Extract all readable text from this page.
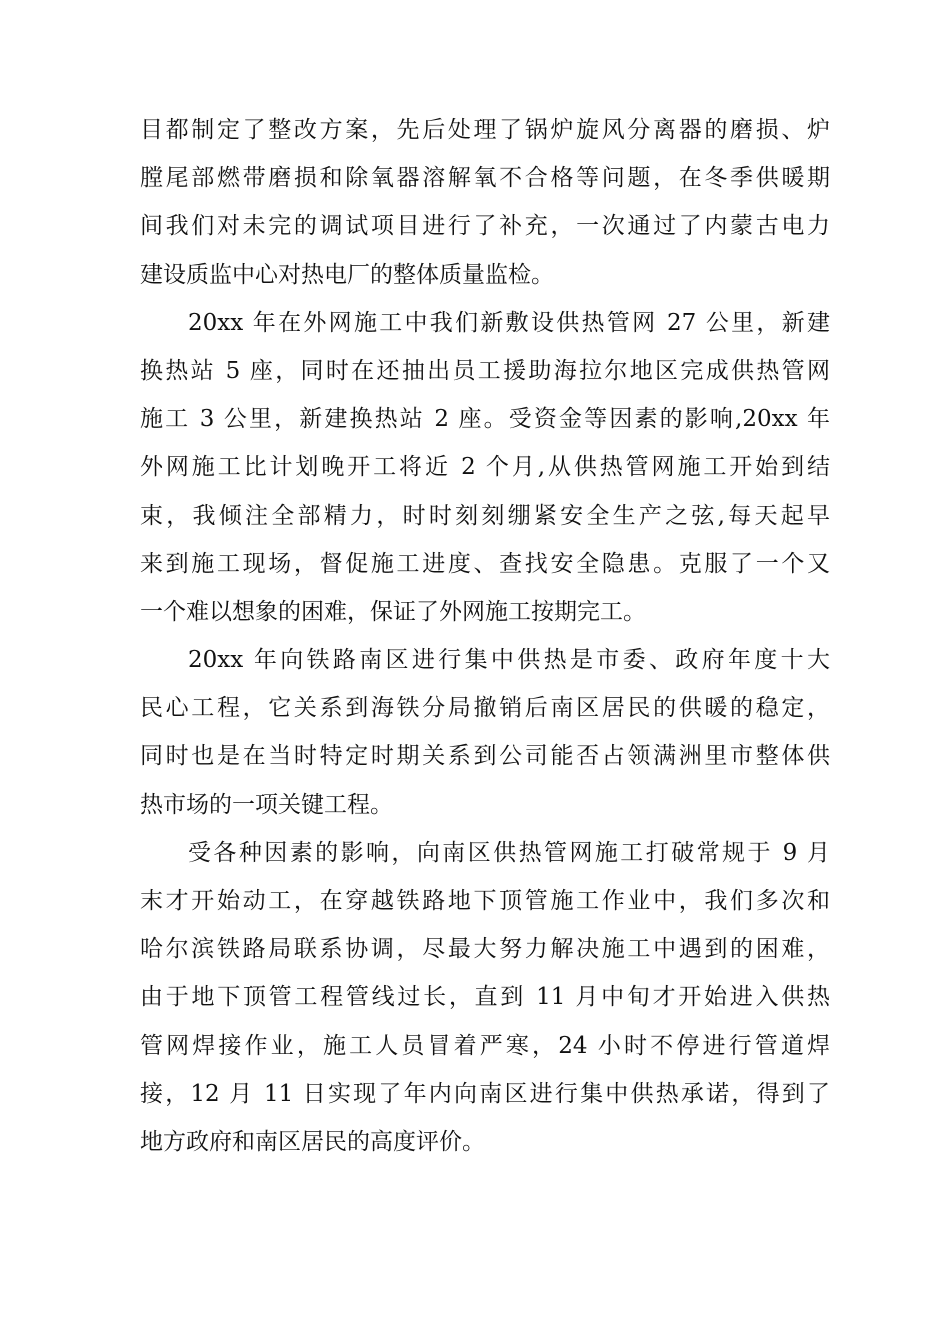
目都制定了整改方案，先后处理了锅炉旋风分离器的磨损、炉
膛尾部燃带磨损和除氧器溶解氧不合格等问题，在冬季供暖期
间我们对未完的调试项目进行了补充，一次通过了内蒙古电力
建设质监中心对热电厂的整体质量监检。
20xx 年在外网施工中我们新敷设供热管网 27 公里，新建
换热站 5 座，同时在还抽出员工援助海拉尔地区完成供热管网
施工 3 公里，新建换热站 2 座。受资金等因素的影响,20xx 年
外网施工比计划晚开工将近 2 个月,从供热管网施工开始到结
束，我倾注全部精力，时时刻刻绷紧安全生产之弦,每天起早
来到施工现场，督促施工进度、查找安全隐患。克服了一个又
一个难以想象的困难，保证了外网施工按期完工。
20xx 年向铁路南区进行集中供热是市委、政府年度十大
民心工程，它关系到海铁分局撤销后南区居民的供暖的稳定，
同时也是在当时特定时期关系到公司能否占领满洲里市整体供
热市场的一项关键工程。
受各种因素的影响，向南区供热管网施工打破常规于 9 月
末才开始动工，在穿越铁路地下顶管施工作业中，我们多次和
哈尔滨铁路局联系协调，尽最大努力解决施工中遇到的困难，
由于地下顶管工程管线过长，直到 11 月中旬才开始进入供热
管网焊接作业，施工人员冒着严寒，24 小时不停进行管道焊
接，12 月 11 日实现了年内向南区进行集中供热承诺，得到了
地方政府和南区居民的高度评价。
